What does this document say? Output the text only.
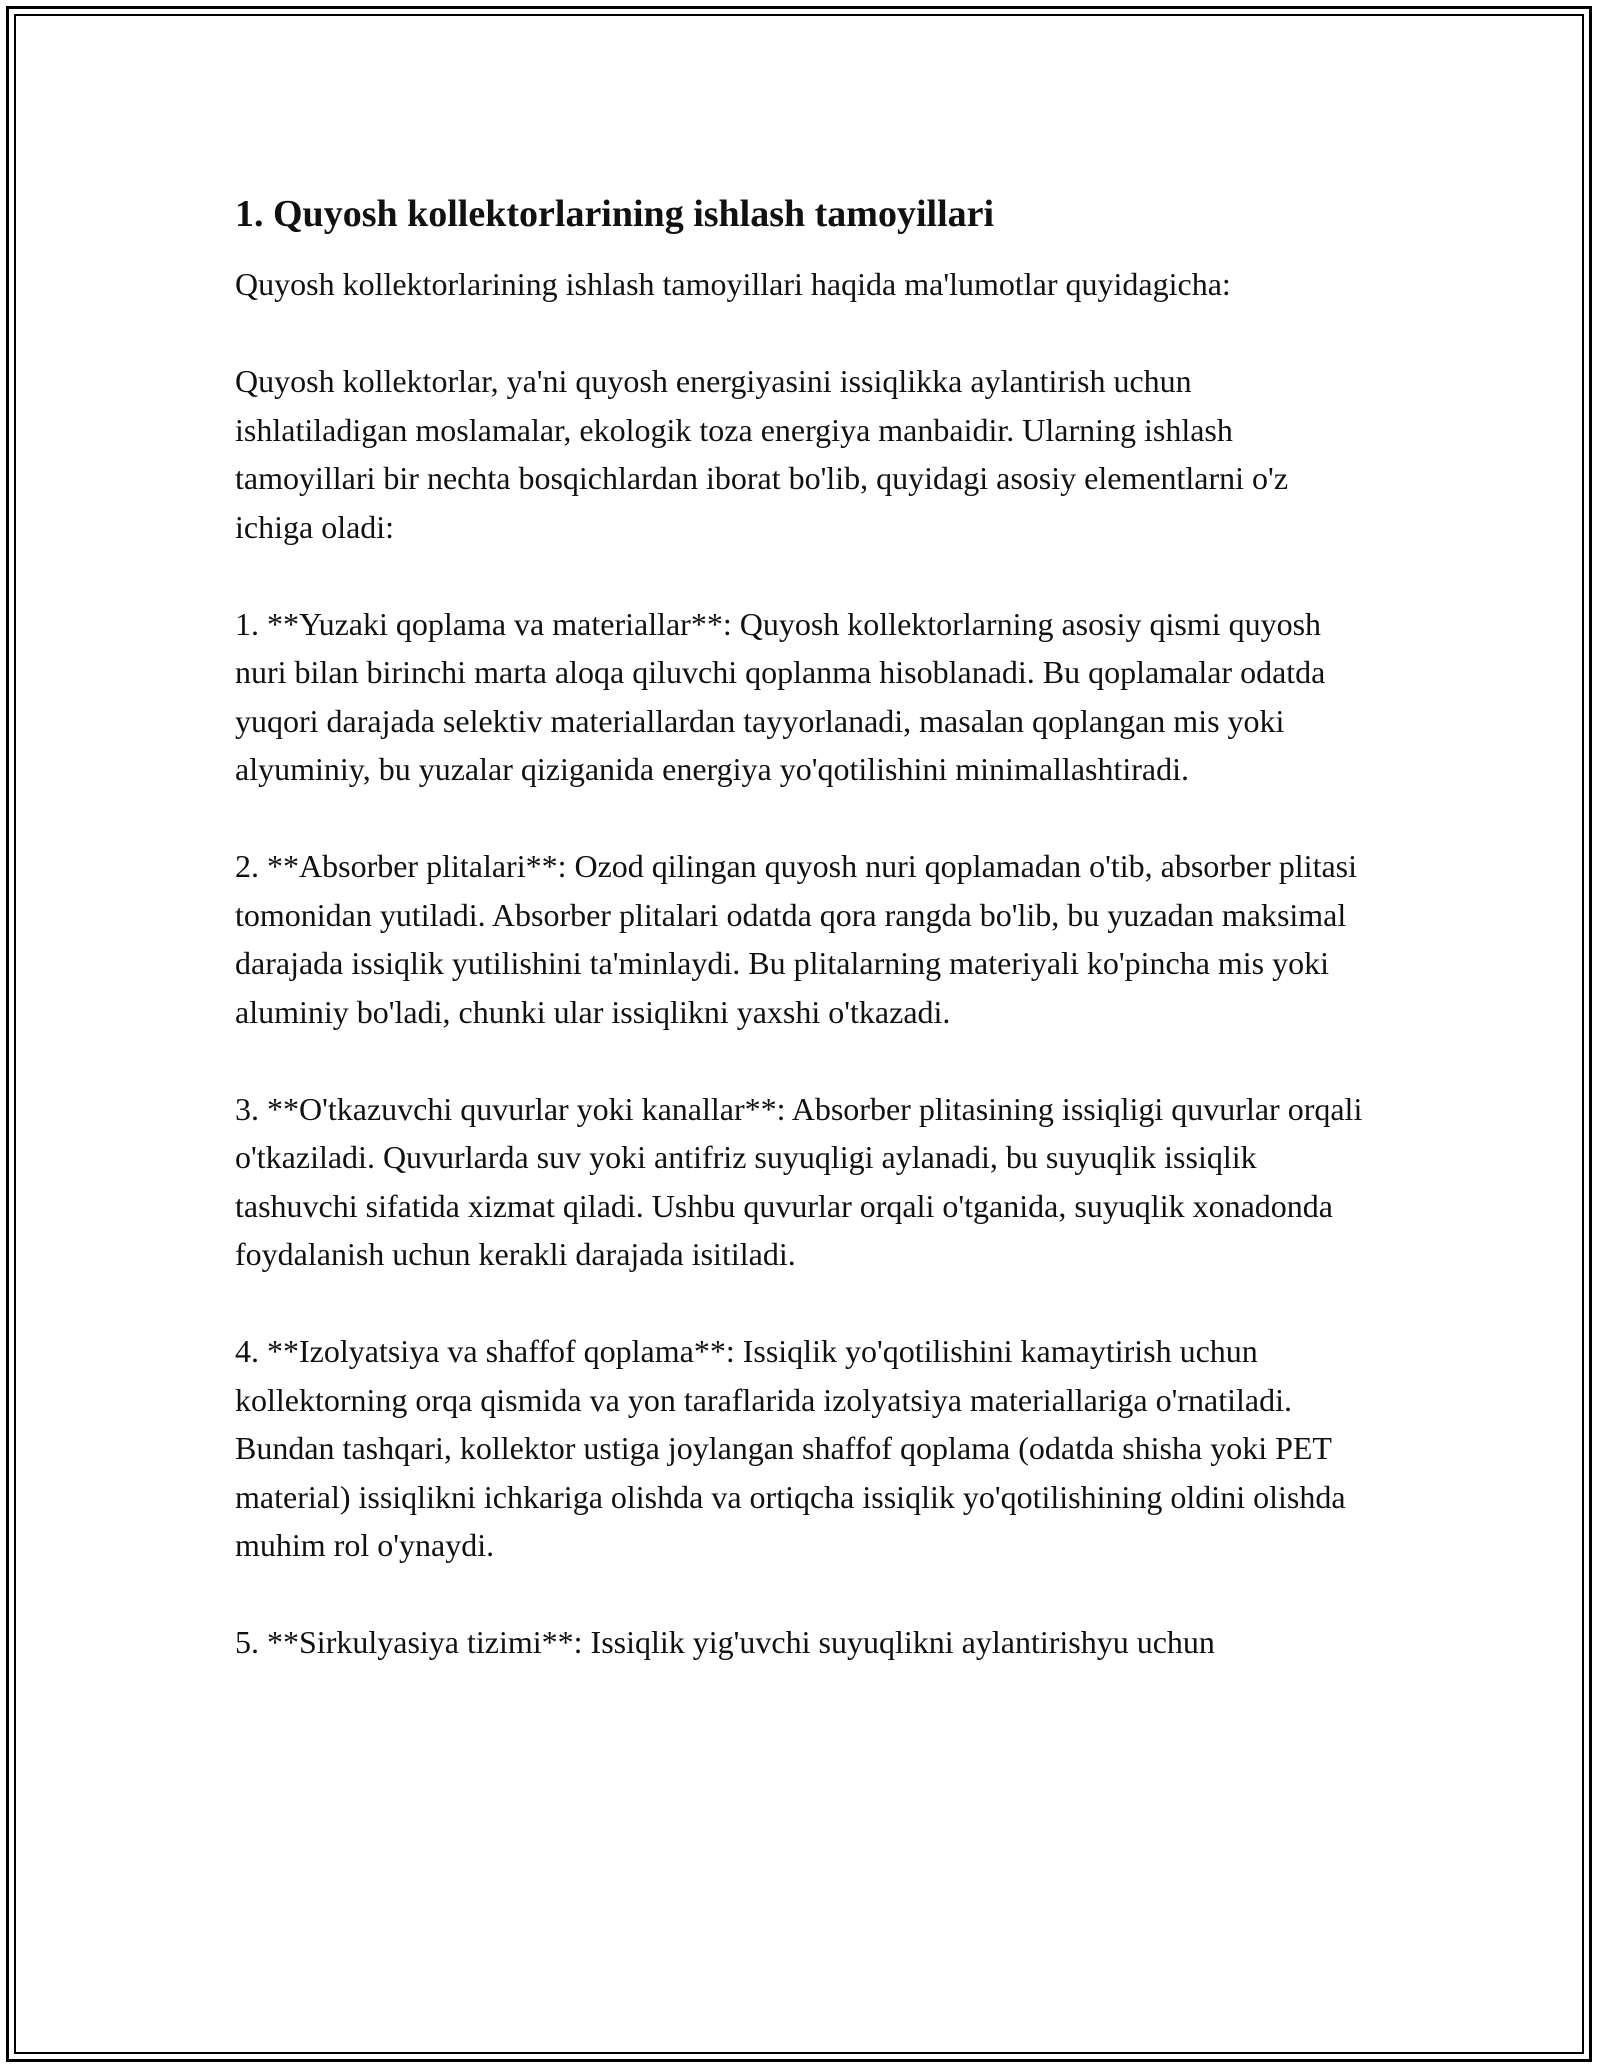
1. Quyosh kollektorlarining ishlash tamoyillari

Quyosh kollektorlarining ishlash tamoyillari haqida ma'lumotlar quyidagicha:

Quyosh kollektorlar, ya'ni quyosh energiyasini issiqlikka aylantirish uchun ishlatiladigan moslamalar, ekologik toza energiya manbaidir. Ularning ishlash tamoyillari bir nechta bosqichlardan iborat bo'lib, quyidagi asosiy elementlarni o'z ichiga oladi:

1. **Yuzaki qoplama va materiallar**: Quyosh kollektorlarning asosiy qismi quyosh nuri bilan birinchi marta aloqa qiluvchi qoplanma hisoblanadi. Bu qoplamalar odatda yuqori darajada selektiv materiallardan tayyorlanadi, masalan qoplangan mis yoki alyuminiy, bu yuzalar qiziganida energiya yo'qotilishini minimallashtiradi.

2. **Absorber plitalari**: Ozod qilingan quyosh nuri qoplamadan o'tib, absorber plitasi tomonidan yutiladi. Absorber plitalari odatda qora rangda bo'lib, bu yuzadan maksimal darajada issiqlik yutilishini ta'minlaydi. Bu plitalarning materiyali ko'pincha mis yoki aluminiy bo'ladi, chunki ular issiqlikni yaxshi o'tkazadi.

3. **O'tkazuvchi quvurlar yoki kanallar**: Absorber plitasining issiqligi quvurlar orqali o'tkaziladi. Quvurlarda suv yoki antifriz suyuqligi aylanadi, bu suyuqlik issiqlik tashuvchi sifatida xizmat qiladi. Ushbu quvurlar orqali o'tganida, suyuqlik xonadonda foydalanish uchun kerakli darajada isitiladi.

4. **Izolyatsiya va shaffof qoplama**: Issiqlik yo'qotilishini kamaytirish uchun kollektorning orqa qismida va yon taraflarida izolyatsiya materiallariga o'rnatiladi. Bundan tashqari, kollektor ustiga joylangan shaffof qoplama (odatda shisha yoki PET material) issiqlikni ichkariga olishda va ortiqcha issiqlik yo'qotilishining oldini olishda muhim rol o'ynaydi.

5. **Sirkulyasiya tizimi**: Issiqlik yig'uvchi suyuqlikni aylantirishyu uchun
